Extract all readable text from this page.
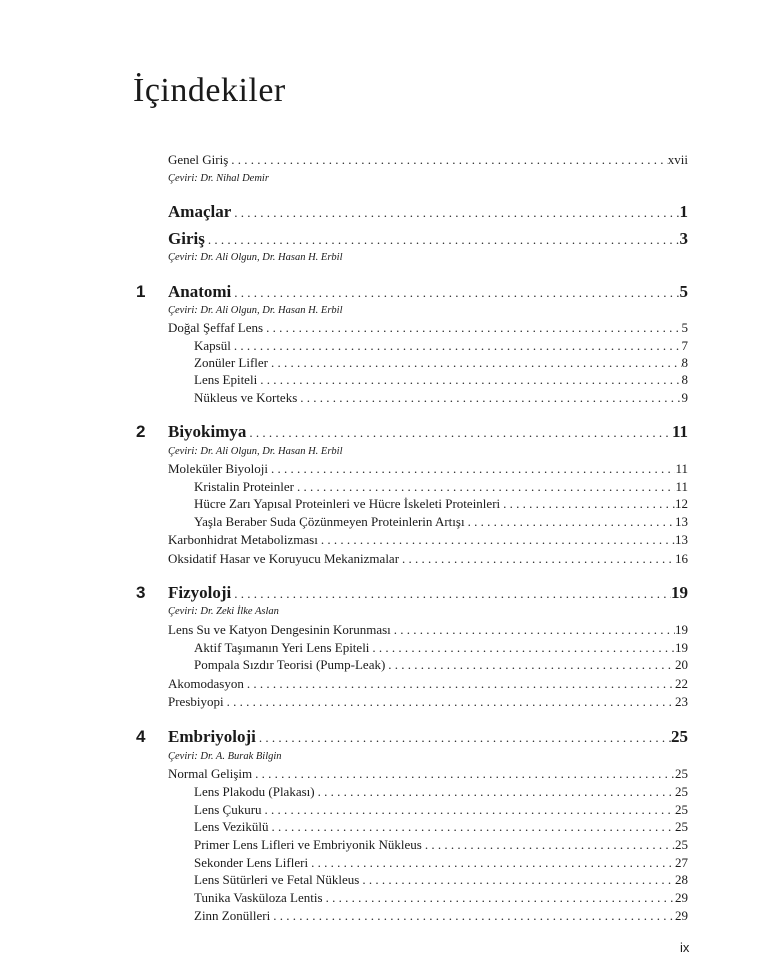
İçindekiler
Genel Giriş . . .	xvii
Çeviri: Dr. Nihal Demir
Amaçlar . . .	1
Giriş . . .	3
Çeviri: Dr. Ali Olgun, Dr. Hasan H. Erbil
1 Anatomi . . .	5
Çeviri: Dr. Ali Olgun, Dr. Hasan H. Erbil
Doğal Şeffaf Lens . . .	5
Kapsül . . .	7
Zonüler Lifler . . .	8
Lens Epiteli . . .	8
Nükleus ve Korteks . . .	9
2 Biyokimya . . .	11
Çeviri: Dr. Ali Olgun, Dr. Hasan H. Erbil
Moleküler Biyoloji . . .	11
Kristalin Proteinler . . .	11
Hücre Zarı Yapısal Proteinleri ve Hücre İskeleti Proteinleri . . .	12
Yaşla Beraber Suda Çözünmeyen Proteinlerin Artışı . . .	13
Karbonhidrat Metabolizması . . .	13
Oksidatif Hasar ve Koruyucu Mekanizmalar . . .	16
3 Fizyoloji . . .	19
Çeviri: Dr. Zeki İlke Aslan
Lens Su ve Katyon Dengesinin Korunması . . .	19
Aktif Taşımanın Yeri Lens Epiteli . . .	19
Pompala Sızdır Teorisi (Pump-Leak) . . .	20
Akomodasyon . . .	22
Presbiyopi . . .	23
4 Embriyoloji . . .	25
Çeviri: Dr. A. Burak Bilgin
Normal Gelişim . . .	25
Lens Plakodu (Plakası) . . .	25
Lens Çukuru . . .	25
Lens Vezikülü . . .	25
Primer Lens Lifleri ve Embriyonik Nükleus . . .	25
Sekonder Lens Lifleri . . .	27
Lens Sütürleri ve Fetal Nükleus . . .	28
Tunika Vasküloza Lentis . . .	29
Zinn Zonülleri . . .	29
ix
